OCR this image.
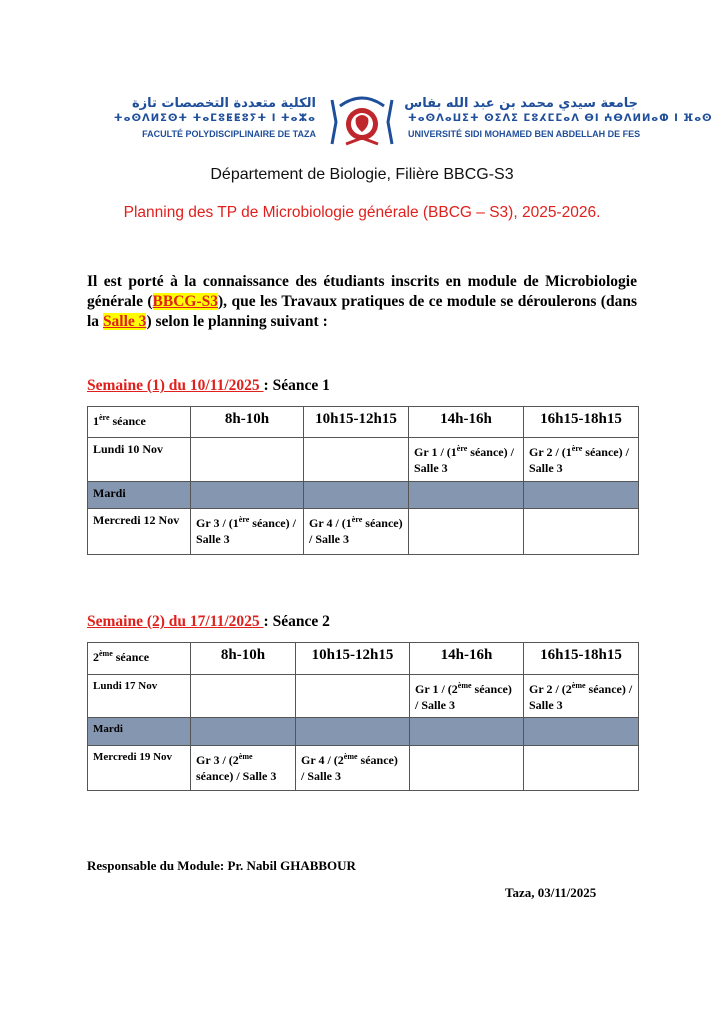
الكلية متعددة التخصصات تازة
ⵜⴰⵙⴷⵍⵉⵙⵜ ⵜⴰⵎⵓⵟⵟⵓⵢⵜ ⵏ ⵜⴰⵣⴰ
FACULTÉ POLYDISCIPLINAIRE DE TAZA
جامعة سيدي محمد بن عبد الله بفاس
ⵜⴰⵙⴷⴰⵡⵉⵜ ⵙⵉⴷⵉ ⵎⵓⵃⵎⵎⴰⴷ ⴱⵏ ⵄⴱⴷⵍⵍⴰⵀ ⵏ ⴼⴰⵙ
UNIVERSITÉ SIDI MOHAMED BEN ABDELLAH DE FES
Département de Biologie, Filière BBCG-S3
Planning des TP de Microbiologie générale (BBCG – S3), 2025-2026.
Il est porté à la connaissance des étudiants inscrits en module de Microbiologie générale (BBCG-S3), que les Travaux pratiques de ce module se déroulerons (dans la Salle 3) selon le planning suivant :
Semaine (1) du 10/11/2025 : Séance 1
1ère séance	8h-10h	10h15-12h15	14h-16h	16h15-18h15
Lundi 10 Nov			Gr 1 / (1ère séance) / Salle 3	Gr 2 / (1ère séance) / Salle 3
Mardi				
Mercredi 12 Nov	Gr 3 / (1ère séance) / Salle 3	Gr 4 / (1ère séance) / Salle 3		
Semaine (2) du 17/11/2025 : Séance 2
2ème séance	8h-10h	10h15-12h15	14h-16h	16h15-18h15
Lundi 17 Nov			Gr 1 / (2ème séance) / Salle 3	Gr 2 / (2ème séance) / Salle 3
Mardi				
Mercredi 19 Nov	Gr 3 / (2ème séance) / Salle 3	Gr 4 / (2ème séance) / Salle 3		
Responsable du Module: Pr. Nabil GHABBOUR
Taza, 03/11/2025
